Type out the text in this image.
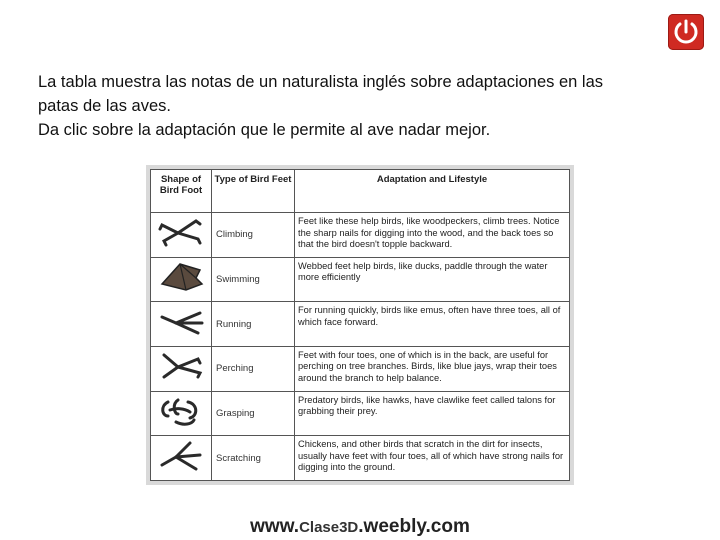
La tabla muestra las notas de un naturalista inglés sobre adaptaciones en las
patas de las aves.
Da clic sobre la adaptación que le permite al ave nadar mejor.
Shape of Bird Foot	Type of Bird Feet	Adaptation and Lifestyle
	Climbing	Feet like these help birds, like woodpeckers, climb trees. Notice the sharp nails for digging into the wood, and the back toes so that the bird doesn't topple backward.
	Swimming	Webbed feet help birds, like ducks, paddle through the water more efficiently
	Running	For running quickly, birds like emus, often have three toes, all of which face forward.
	Perching	Feet with four toes, one of which is in the back, are useful for perching on tree branches. Birds, like blue jays, wrap their toes around the branch to help balance.
	Grasping	Predatory birds, like hawks, have clawlike feet called talons for grabbing their prey.
	Scratching	Chickens, and other birds that scratch in the dirt for insects, usually have feet with four toes, all of which have strong nails for digging into the ground.
www.Clase3D.weebly.com
